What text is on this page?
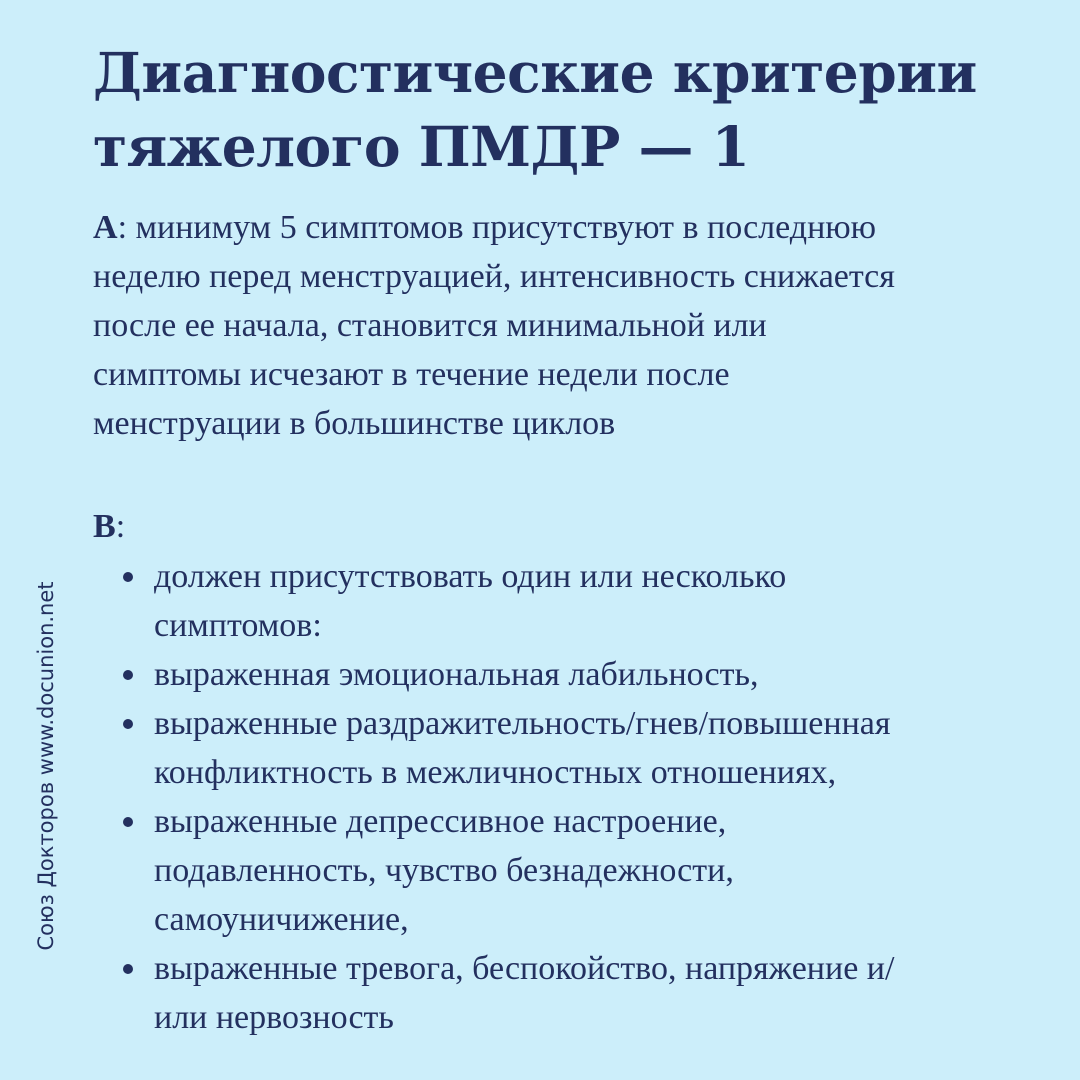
Диагностические критерии
тяжелого ПМДР — 1
А: минимум 5 симптомов присутствуют в последнюю
неделю перед менструацией, интенсивность снижается
после ее начала, становится минимальной или
симптомы исчезают в течение недели после
менструации в большинстве циклов
В:
должен присутствовать один или несколько
симптомов:
выраженная эмоциональная лабильность,
выраженные раздражительность/гнев/повышенная
конфликтность в межличностных отношениях,
выраженные депрессивное настроение,
подавленность, чувство безнадежности,
самоуничижение,
выраженные тревога, беспокойство, напряжение и/
или нервозность
Союз Докторов www.docunion.net
